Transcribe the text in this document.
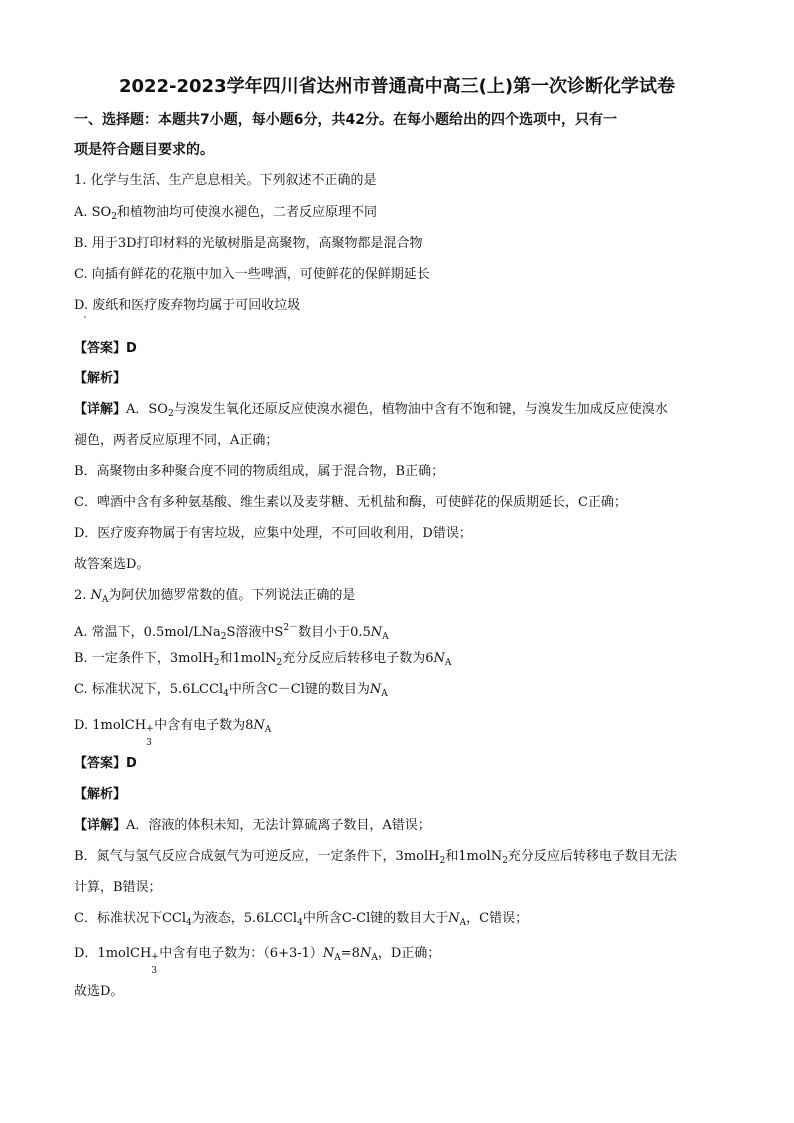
2022-2023学年四川省达州市普通高中高三(上)第一次诊断化学试卷
一、选择题：本题共7小题，每小题6分，共42分。在每小题给出的四个选项中，只有一
项是符合题目要求的。
1. 化学与生活、生产息息相关。下列叙述不正确的是
A. $SO_2$和植物油均可使溴水褪色，二者反应原理不同
B. 用于3D打印材料的光敏树脂是高聚物，高聚物都是混合物
C. 向插有鲜花的花瓶中加入一些啤酒，可使鲜花的保鲜期延长
D. 废纸和医疗废弃物均属于可回收垃圾
【答案】D
【解析】
【详解】A．$SO_2$与溴发生氧化还原反应使溴水褪色，植物油中含有不饱和键，与溴发生加成反应使溴水
褪色，两者反应原理不同，A正确；
B．高聚物由多种聚合度不同的物质组成，属于混合物，B正确；
C．啤酒中含有多种氨基酸、维生素以及麦芽糖、无机盐和酶，可使鲜花的保质期延长，C正确；
D．医疗废弃物属于有害垃圾，应集中处理，不可回收利用，D错误；
故答案选D。
2. $N_A$为阿伏加德罗常数的值。下列说法正确的是
A. 常温下，0.5mol/LNa$_2$S溶液中$S^{2-}$数目小于$0.5N_A$
B. 一定条件下，3molH$_2$和1molN$_2$充分反应后转移电子数为$6N_A$
C. 标准状况下，5.6LCCl$_4$中所含C－Cl键的数目为$N_A$
D. 1molCH +
3
中含有电子数为$8N_A$
【答案】D
【解析】
【详解】A．溶液的体积未知，无法计算硫离子数目，A错误；
B．氮气与氢气反应合成氨气为可逆反应，一定条件下，3molH$_2$和1molN$_2$充分反应后转移电子数目无法
计算，B错误；
C．标准状况下CCl$_4$为液态，5.6LCCl$_4$中所含C-Cl键的数目大于$N_A$，C错误；
D．1molCH +
3
中含有电子数为：$(6+3-1)N_A=8N_A$，D正确；
故选D。
